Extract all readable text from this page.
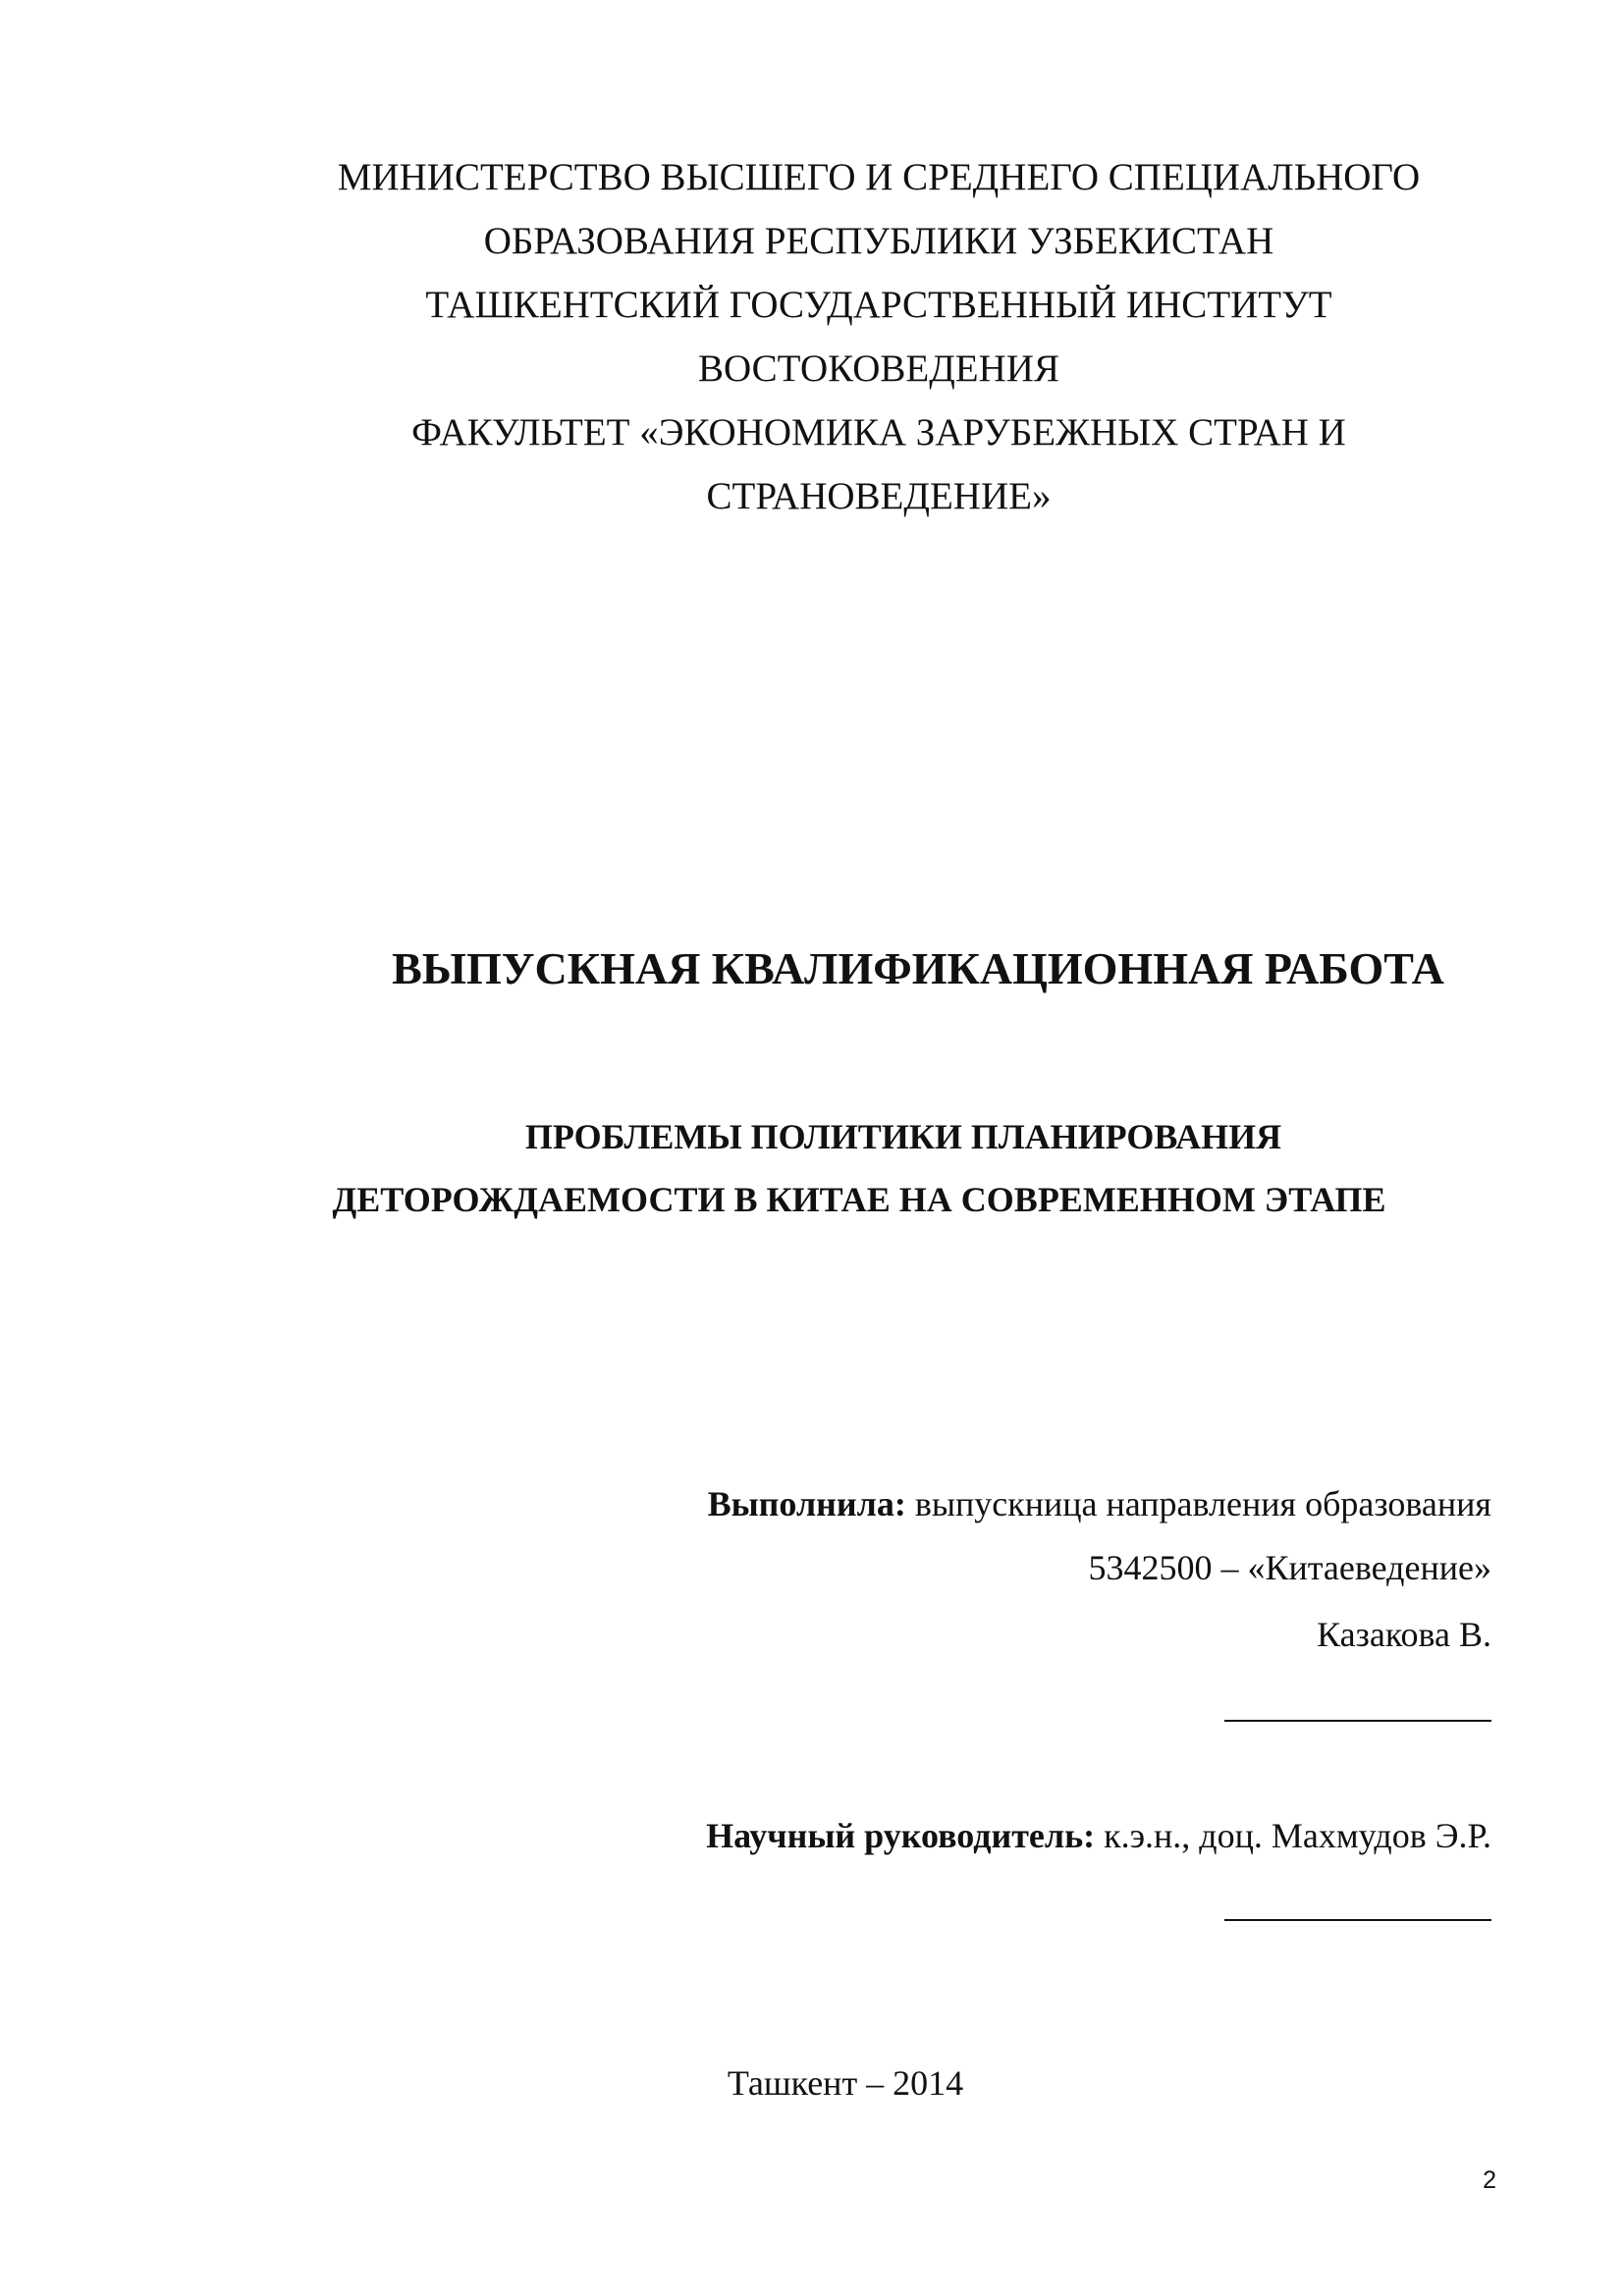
МИНИСТЕРСТВО ВЫСШЕГО И СРЕДНЕГО СПЕЦИАЛЬНОГО
ОБРАЗОВАНИЯ РЕСПУБЛИКИ УЗБЕКИСТАН
ТАШКЕНТСКИЙ ГОСУДАРСТВЕННЫЙ ИНСТИТУТ
ВОСТОКОВЕДЕНИЯ
ФАКУЛЬТЕТ «ЭКОНОМИКА ЗАРУБЕЖНЫХ СТРАН И
СТРАНОВЕДЕНИЕ»
ВЫПУСКНАЯ КВАЛИФИКАЦИОННАЯ РАБОТА
ПРОБЛЕМЫ ПОЛИТИКИ ПЛАНИРОВАНИЯ
ДЕТОРОЖДАЕМОСТИ В КИТАЕ НА СОВРЕМЕННОМ ЭТАПЕ
Выполнила: выпускница направления образования
5342500 – «Китаеведение»
Казакова В.
Научный руководитель: к.э.н., доц. Махмудов Э.Р.
Ташкент – 2014
2
